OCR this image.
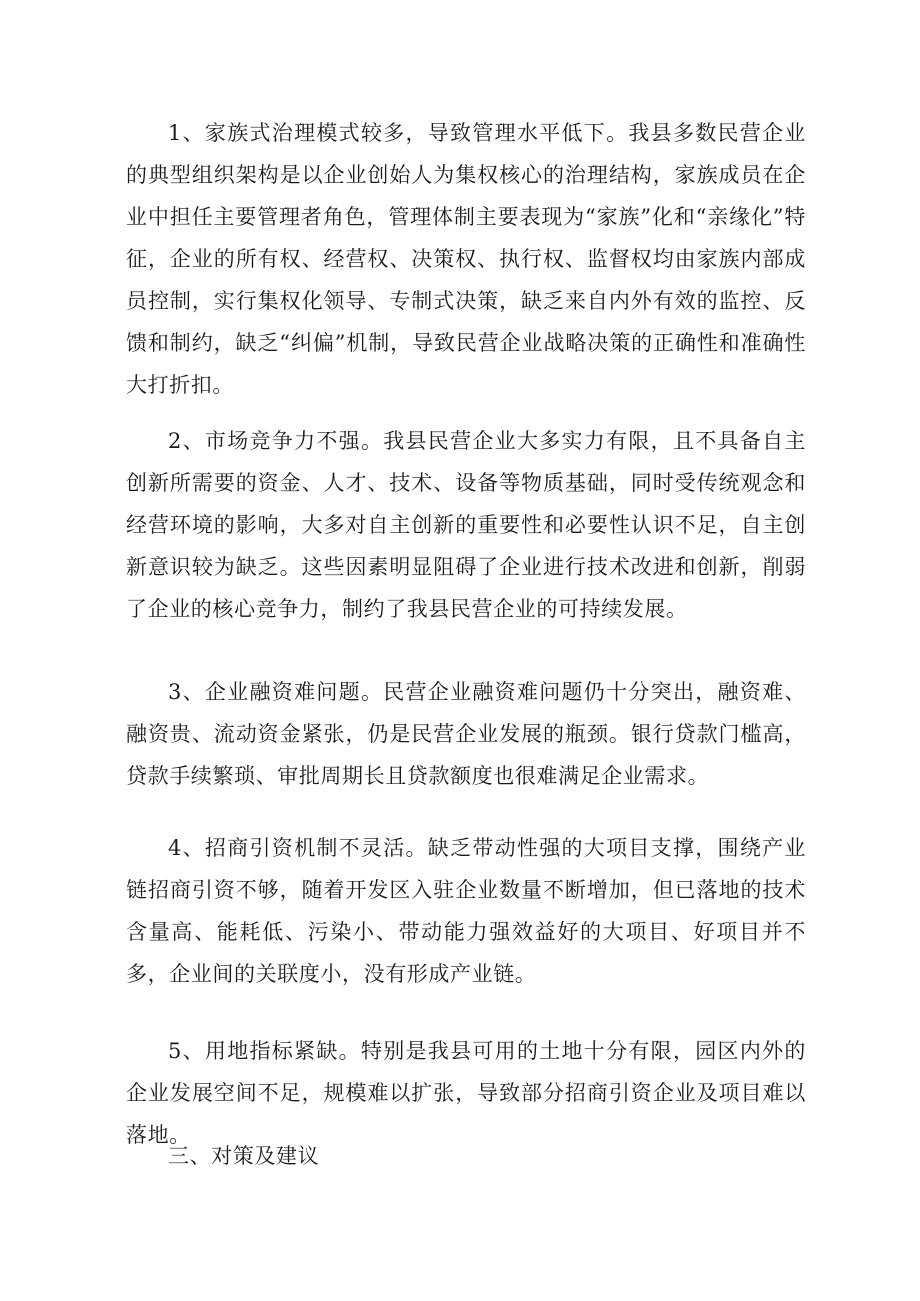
1、家族式治理模式较多，导致管理水平低下。我县多数民营企业的典型组织架构是以企业创始人为集权核心的治理结构，家族成员在企业中担任主要管理者角色，管理体制主要表现为“家族”化和“亲缘化”特征，企业的所有权、经营权、决策权、执行权、监督权均由家族内部成员控制，实行集权化领导、专制式决策，缺乏来自内外有效的监控、反馈和制约，缺乏“纠偏”机制，导致民营企业战略决策的正确性和准确性大打折扣。

2、市场竞争力不强。我县民营企业大多实力有限，且不具备自主创新所需要的资金、人才、技术、设备等物质基础，同时受传统观念和经营环境的影响，大多对自主创新的重要性和必要性认识不足，自主创新意识较为缺乏。这些因素明显阻碍了企业进行技术改进和创新，削弱了企业的核心竞争力，制约了我县民营企业的可持续发展。

3、企业融资难问题。民营企业融资难问题仍十分突出，融资难、融资贵、流动资金紧张，仍是民营企业发展的瓶颈。银行贷款门槛高，贷款手续繁琐、审批周期长且贷款额度也很难满足企业需求。

4、招商引资机制不灵活。缺乏带动性强的大项目支撑，围绕产业链招商引资不够，随着开发区入驻企业数量不断增加，但已落地的技术含量高、能耗低、污染小、带动能力强效益好的大项目、好项目并不多，企业间的关联度小，没有形成产业链。

5、用地指标紧缺。特别是我县可用的土地十分有限，园区内外的企业发展空间不足，规模难以扩张，导致部分招商引资企业及项目难以落地。

三、对策及建议
